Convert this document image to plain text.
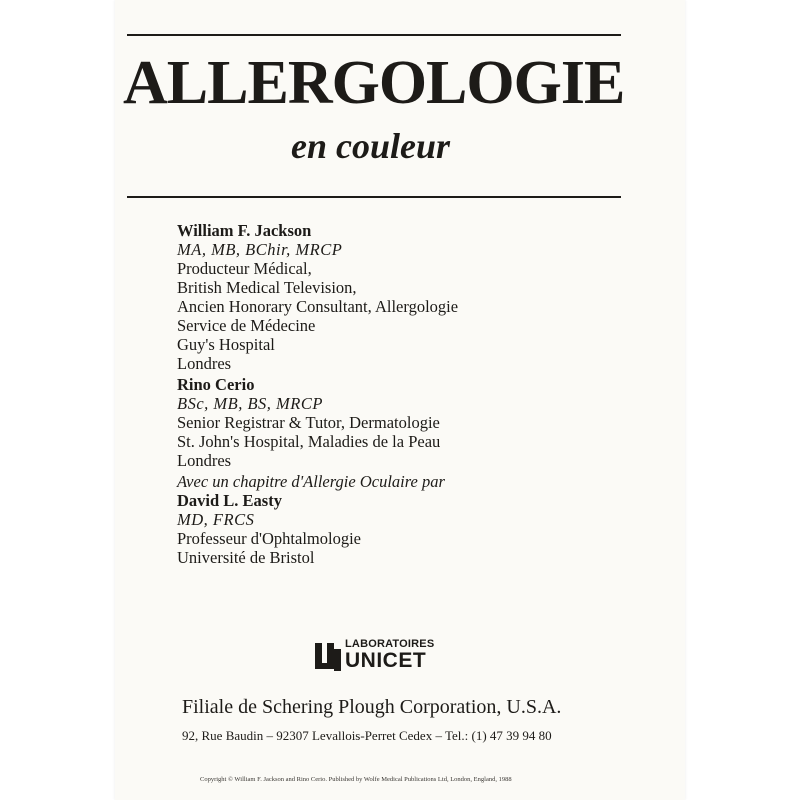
ALLERGOLOGIE
en couleur
William F. Jackson
MA, MB, BChir, MRCP
Producteur Médical,
British Medical Television,
Ancien Honorary Consultant, Allergologie
Service de Médecine
Guy's Hospital
Londres
Rino Cerio
BSc, MB, BS, MRCP
Senior Registrar & Tutor, Dermatologie
St. John's Hospital, Maladies de la Peau
Londres
Avec un chapitre d'Allergie Oculaire par
David L. Easty
MD, FRCS
Professeur d'Ophtalmologie
Université de Bristol
LABORATOIRES
UNICET
Filiale de Schering Plough Corporation, U.S.A.
92, Rue Baudin – 92307 Levallois-Perret Cedex – Tel.: (1) 47 39 94 80
Copyright © William F. Jackson and Rino Cerio. Published by Wolfe Medical Publications Ltd, London, England, 1988
